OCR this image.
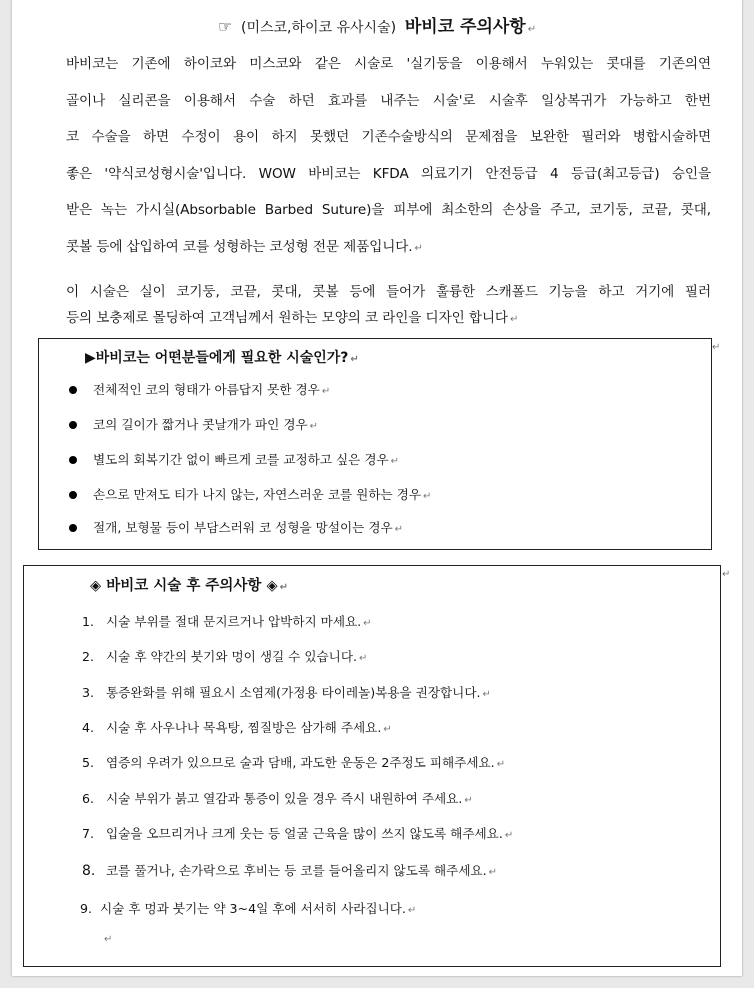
☞ (미스코,하이코 유사시술) 바비코 주의사항 ↵
바비코는 기존에 하이코와 미스코와 같은 시술로 '실기둥을 이용해서 누워있는 콧대를 기존의연
골이나 실리콘을 이용해서 수술 하던 효과를 내주는 시술'로 시술후 일상복귀가 가능하고 한번
코 수술을 하면 수정이 용이 하지 못했던 기존수술방식의 문제점을 보완한 필러와 병합시술하면
좋은 '약식코성형시술'입니다. WOW 바비코는 KFDA 의료기기 안전등급 4 등급(최고등급) 승인을
받은 녹는 가시실(Absorbable Barbed Suture)을 피부에 최소한의 손상을 주고, 코기둥, 코끝, 콧대,
콧볼 등에 삽입하여 코를 성형하는 코성형 전문 제품입니다. ↵
이 시술은 실이 코기둥, 코끝, 콧대, 콧볼 등에 들어가 훌륭한 스캐폴드 기능을 하고 거기에 필러
등의 보충제로 몰딩하여 고객님께서 원하는 모양의 코 라인을 디자인 합니다 ↵
↵
▶바비코는 어떤분들에게 필요한 시술인가? ↵
전체적인 코의 형태가 아름답지 못한 경우 ↵
코의 길이가 짧거나 콧날개가 파인 경우 ↵
별도의 회복기간 없이 빠르게 코를 교정하고 싶은 경우 ↵
손으로 만져도 티가 나지 않는, 자연스러운 코를 원하는 경우 ↵
절개, 보형물 등이 부담스러워 코 성형을 망설이는 경우 ↵
↵
◈ 바비코 시술 후 주의사항 ◈ ↵
1. 시술 부위를 절대 문지르거나 압박하지 마세요. ↵
2. 시술 후 약간의 붓기와 멍이 생길 수 있습니다. ↵
3. 통증완화를 위해 필요시 소염제(가정용 타이레놀)복용을 권장합니다. ↵
4. 시술 후 사우나나 목욕탕, 찜질방은 삼가해 주세요. ↵
5. 염증의 우려가 있으므로 술과 담배, 과도한 운동은 2주정도 피해주세요. ↵
6. 시술 부위가 붉고 열감과 통증이 있을 경우 즉시 내원하여 주세요. ↵
7. 입술을 오므리거나 크게 웃는 등 얼굴 근육을 많이 쓰지 않도록 해주세요. ↵
8. 코를 풀거나, 손가락으로 후비는 등 코를 들어올리지 않도록 해주세요. ↵
9. 시술 후 멍과 붓기는 약 3~4일 후에 서서히 사라집니다. ↵
↵
